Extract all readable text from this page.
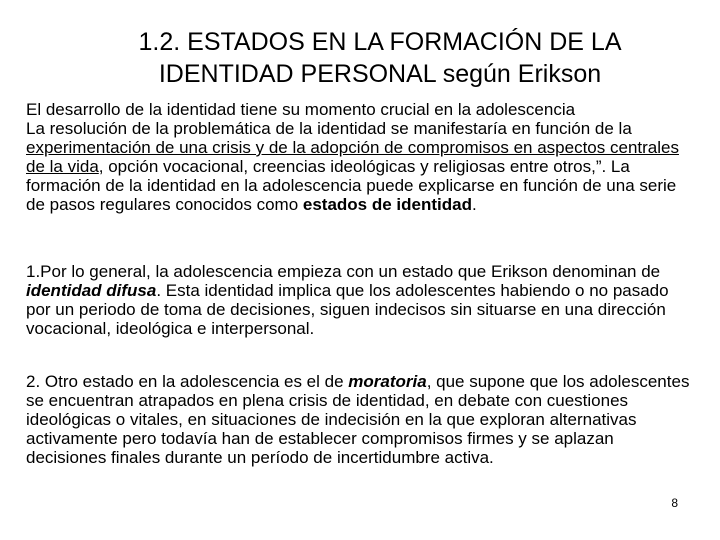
1.2. ESTADOS EN LA FORMACIÓN DE LA
IDENTIDAD PERSONAL según Erikson

El desarrollo de la identidad tiene su momento crucial en la adolescencia
La resolución de la problemática de la identidad se manifestaría en función de la experimentación de una crisis y de la adopción de compromisos en aspectos centrales de la vida, opción vocacional, creencias ideológicas y religiosas entre otros,”. La formación de la identidad en la adolescencia puede explicarse en función de una serie de pasos regulares conocidos como estados de identidad.

1.Por lo general, la adolescencia empieza con un estado que Erikson denominan de identidad difusa. Esta identidad implica que los adolescentes habiendo o no pasado por un periodo de toma de decisiones, siguen indecisos sin situarse en una dirección vocacional, ideológica e interpersonal.

2. Otro estado en la adolescencia es el de moratoria, que supone que los adolescentes se encuentran atrapados en plena crisis de identidad, en debate con cuestiones ideológicas o vitales, en situaciones de indecisión en la que exploran alternativas activamente pero todavía han de establecer compromisos firmes y se aplazan decisiones finales durante un período de incertidumbre activa.

8
